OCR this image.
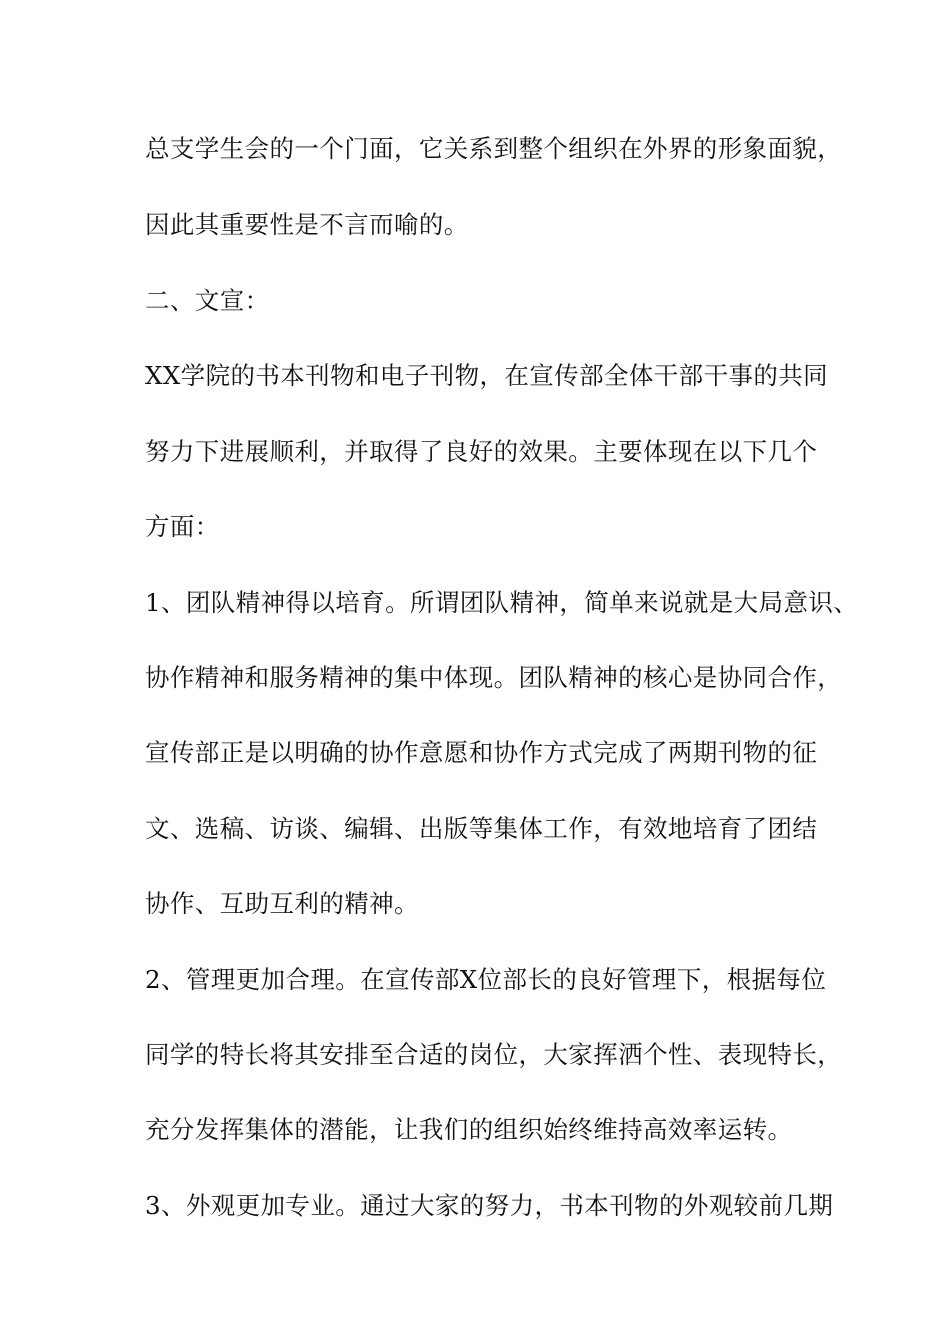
总支学生会的一个门面，它关系到整个组织在外界的形象面貌，
因此其重要性是不言而喻的。
二、文宣：
XX学院的书本刊物和电子刊物，在宣传部全体干部干事的共同
努力下进展顺利，并取得了良好的效果。主要体现在以下几个
方面：
1、团队精神得以培育。所谓团队精神，简单来说就是大局意识、
协作精神和服务精神的集中体现。团队精神的核心是协同合作，
宣传部正是以明确的协作意愿和协作方式完成了两期刊物的征
文、选稿、访谈、编辑、出版等集体工作，有效地培育了团结
协作、互助互利的精神。
2、管理更加合理。在宣传部X位部长的良好管理下，根据每位
同学的特长将其安排至合适的岗位，大家挥洒个性、表现特长，
充分发挥集体的潜能，让我们的组织始终维持高效率运转。
3、外观更加专业。通过大家的努力，书本刊物的外观较前几期
